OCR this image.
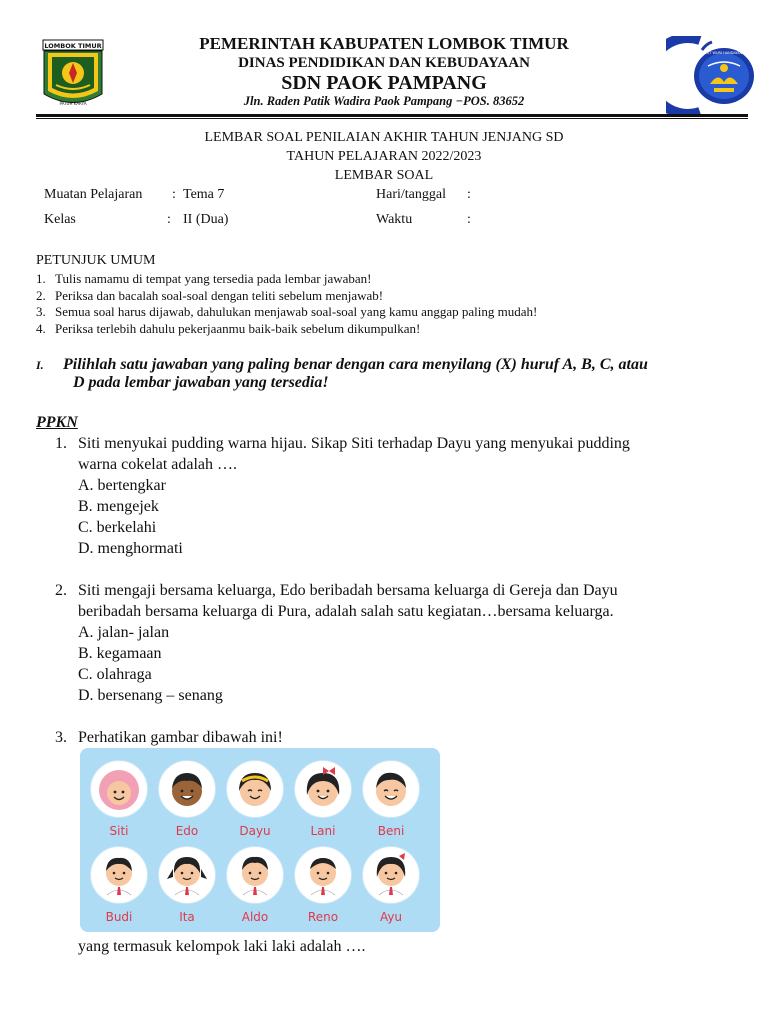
LOMBOK TIMUR
PATUH KARYA
PEMERINTAH KABUPATEN LOMBOK TIMUR
DINAS PENDIDIKAN DAN KEBUDAYAAN
SDN PAOK PAMPANG
Jln. Raden Patik Wadira Paok Pampang −POS. 83652
TUT WURI HANDAYANI
LEMBAR SOAL PENILAIAN AKHIR TAHUN JENJANG SD
TAHUN PELAJARAN 2022/2023
LEMBAR SOAL
Muatan Pelajaran : Tema 7	Hari/tanggal :
Kelas	: II (Dua)	Waktu	:
PETUNJUK UMUM
1. Tulis namamu di tempat yang tersedia pada lembar jawaban!
2. Periksa dan bacalah soal-soal dengan teliti sebelum menjawab!
3. Semua soal harus dijawab, dahulukan menjawab soal-soal yang kamu anggap paling mudah!
4. Periksa terlebih dahulu pekerjaanmu baik-baik sebelum dikumpulkan!
I. Pilihlah satu jawaban yang paling benar dengan cara menyilang (X) huruf A, B, C, atau
D pada lembar jawaban yang tersedia!
PPKN
1. Siti menyukai pudding warna hijau. Sikap Siti terhadap Dayu yang menyukai pudding
warna cokelat adalah ….
A. bertengkar
B. mengejek
C. berkelahi
D. menghormati
2. Siti mengaji bersama keluarga, Edo beribadah bersama keluarga di Gereja dan Dayu
beribadah bersama keluarga di Pura, adalah salah satu kegiatan…bersama keluarga.
A. jalan- jalan
B. kegamaan
C. olahraga
D. bersenang – senang
3. Perhatikan gambar dibawah ini!
Siti	Edo	Dayu	Lani	Beni
Budi	Ita	Aldo	Reno	Ayu
yang termasuk kelompok laki laki adalah ….
